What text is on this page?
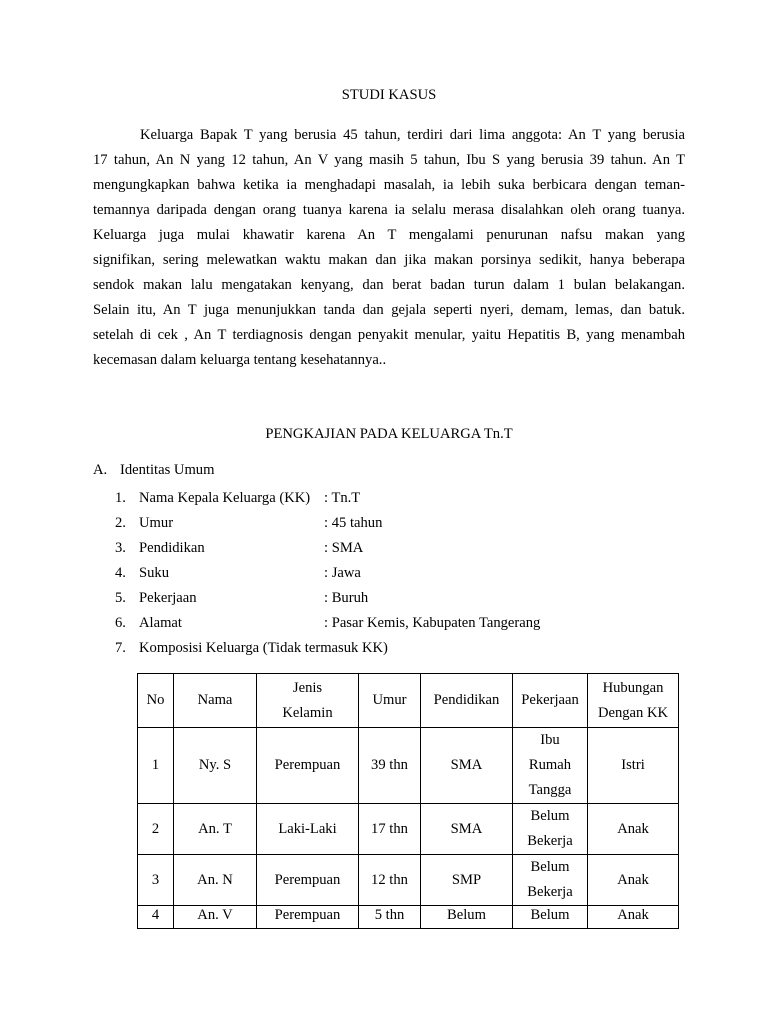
STUDI KASUS
Keluarga Bapak T yang berusia 45 tahun, terdiri dari lima anggota: An T yang berusia
17 tahun, An N yang 12 tahun, An V yang masih 5 tahun, Ibu S yang berusia 39 tahun. An T
mengungkapkan bahwa ketika ia menghadapi masalah, ia lebih suka berbicara dengan teman-
temannya daripada dengan orang tuanya karena ia selalu merasa disalahkan oleh orang tuanya.
Keluarga juga mulai khawatir karena An T mengalami penurunan nafsu makan yang
signifikan, sering melewatkan waktu makan dan jika makan porsinya sedikit, hanya beberapa
sendok makan lalu mengatakan kenyang, dan berat badan turun dalam 1 bulan belakangan.
Selain itu, An T juga menunjukkan tanda dan gejala seperti nyeri, demam, lemas, dan batuk.
setelah di cek , An T terdiagnosis dengan penyakit menular, yaitu Hepatitis B, yang menambah
kecemasan dalam keluarga tentang kesehatannya..
PENGKAJIAN PADA KELUARGA Tn.T
A. Identitas Umum
1. Nama Kepala Keluarga (KK) : Tn.T
2. Umur	: 45 tahun
3. Pendidikan	: SMA
4. Suku	: Jawa
5. Pekerjaan	: Buruh
6. Alamat	: Pasar Kemis, Kabupaten Tangerang
7. Komposisi Keluarga (Tidak termasuk KK)
No	Nama	Jenis
Kelamin	Umur	Pendidikan	Pekerjaan	Hubungan
Dengan KK
1	Ny. S	Perempuan	39 thn	SMA	Ibu
Rumah
Tangga	Istri
2	An. T	Laki-Laki	17 thn	SMA	Belum
Bekerja	Anak
3	An. N	Perempuan	12 thn	SMP	Belum
Bekerja	Anak
4	An. V	Perempuan	5 thn	Belum	Belum	Anak
